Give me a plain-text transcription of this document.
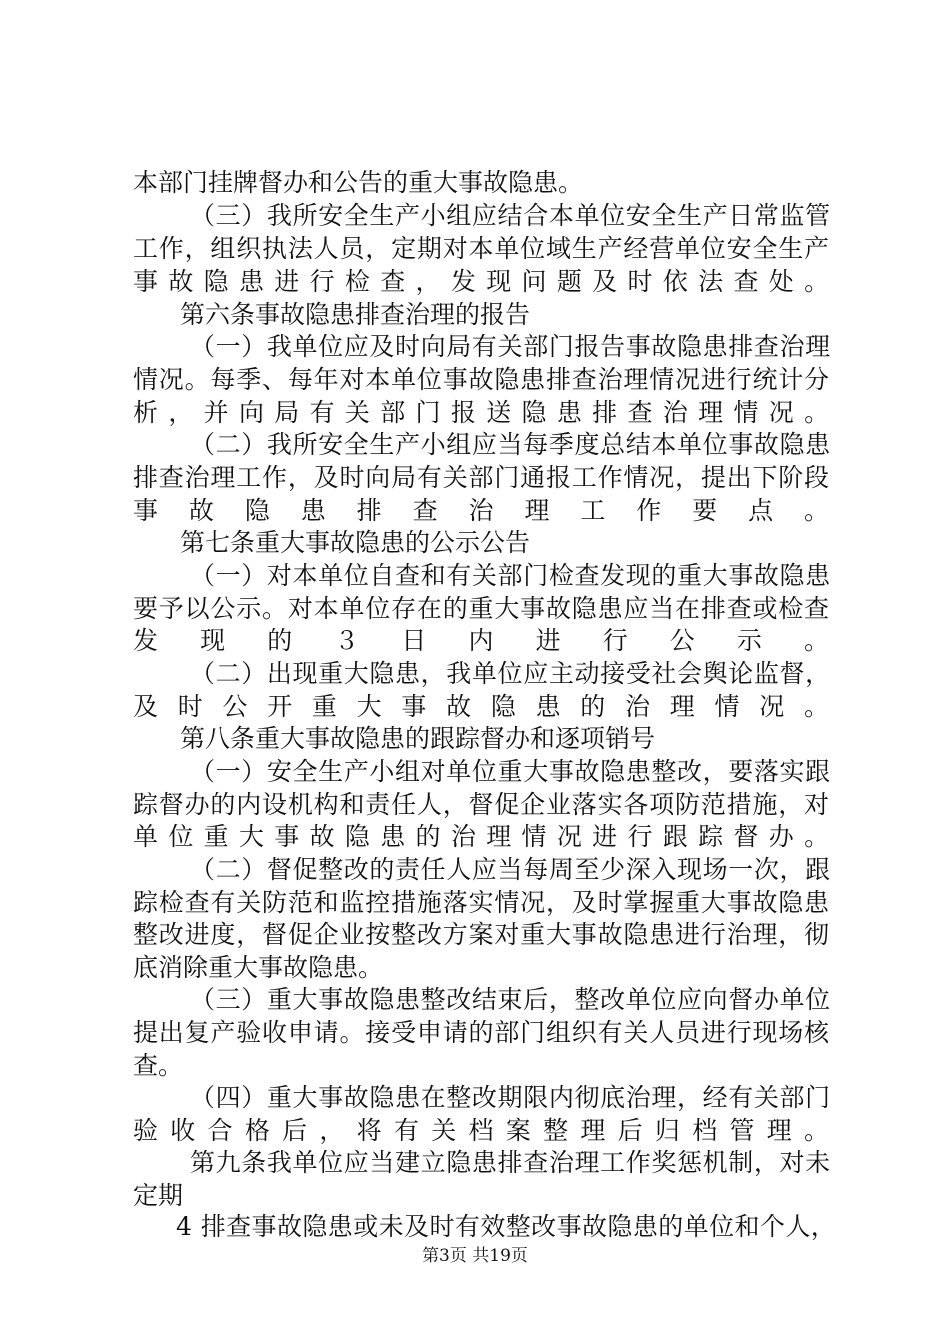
本部门挂牌督办和公告的重大事故隐患。
（三）我所安全生产小组应结合本单位安全生产日常监管
工作，组织执法人员，定期对本单位域生产经营单位安全生产
事故隐患进行检查，发现问题及时依法查处。
第六条事故隐患排查治理的报告
（一）我单位应及时向局有关部门报告事故隐患排查治理
情况。每季、每年对本单位事故隐患排查治理情况进行统计分
析，并向局有关部门报送隐患排查治理情况。
（二）我所安全生产小组应当每季度总结本单位事故隐患
排查治理工作，及时向局有关部门通报工作情况，提出下阶段
事故隐患排查治理工作要点。
第七条重大事故隐患的公示公告
（一）对本单位自查和有关部门检查发现的重大事故隐患
要予以公示。对本单位存在的重大事故隐患应当在排查或检查
发现的３日内进行公示。
（二）出现重大隐患，我单位应主动接受社会舆论监督，
及时公开重大事故隐患的治理情况。
第八条重大事故隐患的跟踪督办和逐项销号
（一）安全生产小组对单位重大事故隐患整改，要落实跟
踪督办的内设机构和责任人，督促企业落实各项防范措施，对
单位重大事故隐患的治理情况进行跟踪督办。
（二）督促整改的责任人应当每周至少深入现场一次，跟
踪检查有关防范和监控措施落实情况，及时掌握重大事故隐患
整改进度，督促企业按整改方案对重大事故隐患进行治理，彻
底消除重大事故隐患。
（三）重大事故隐患整改结束后，整改单位应向督办单位
提出复产验收申请。接受申请的部门组织有关人员进行现场核
查。
（四）重大事故隐患在整改期限内彻底治理，经有关部门
验收合格后，将有关档案整理后归档管理。
第九条我单位应当建立隐患排查治理工作奖惩机制，对未
定期
4 排查事故隐患或未及时有效整改事故隐患的单位和个人，
第3页 共19页
